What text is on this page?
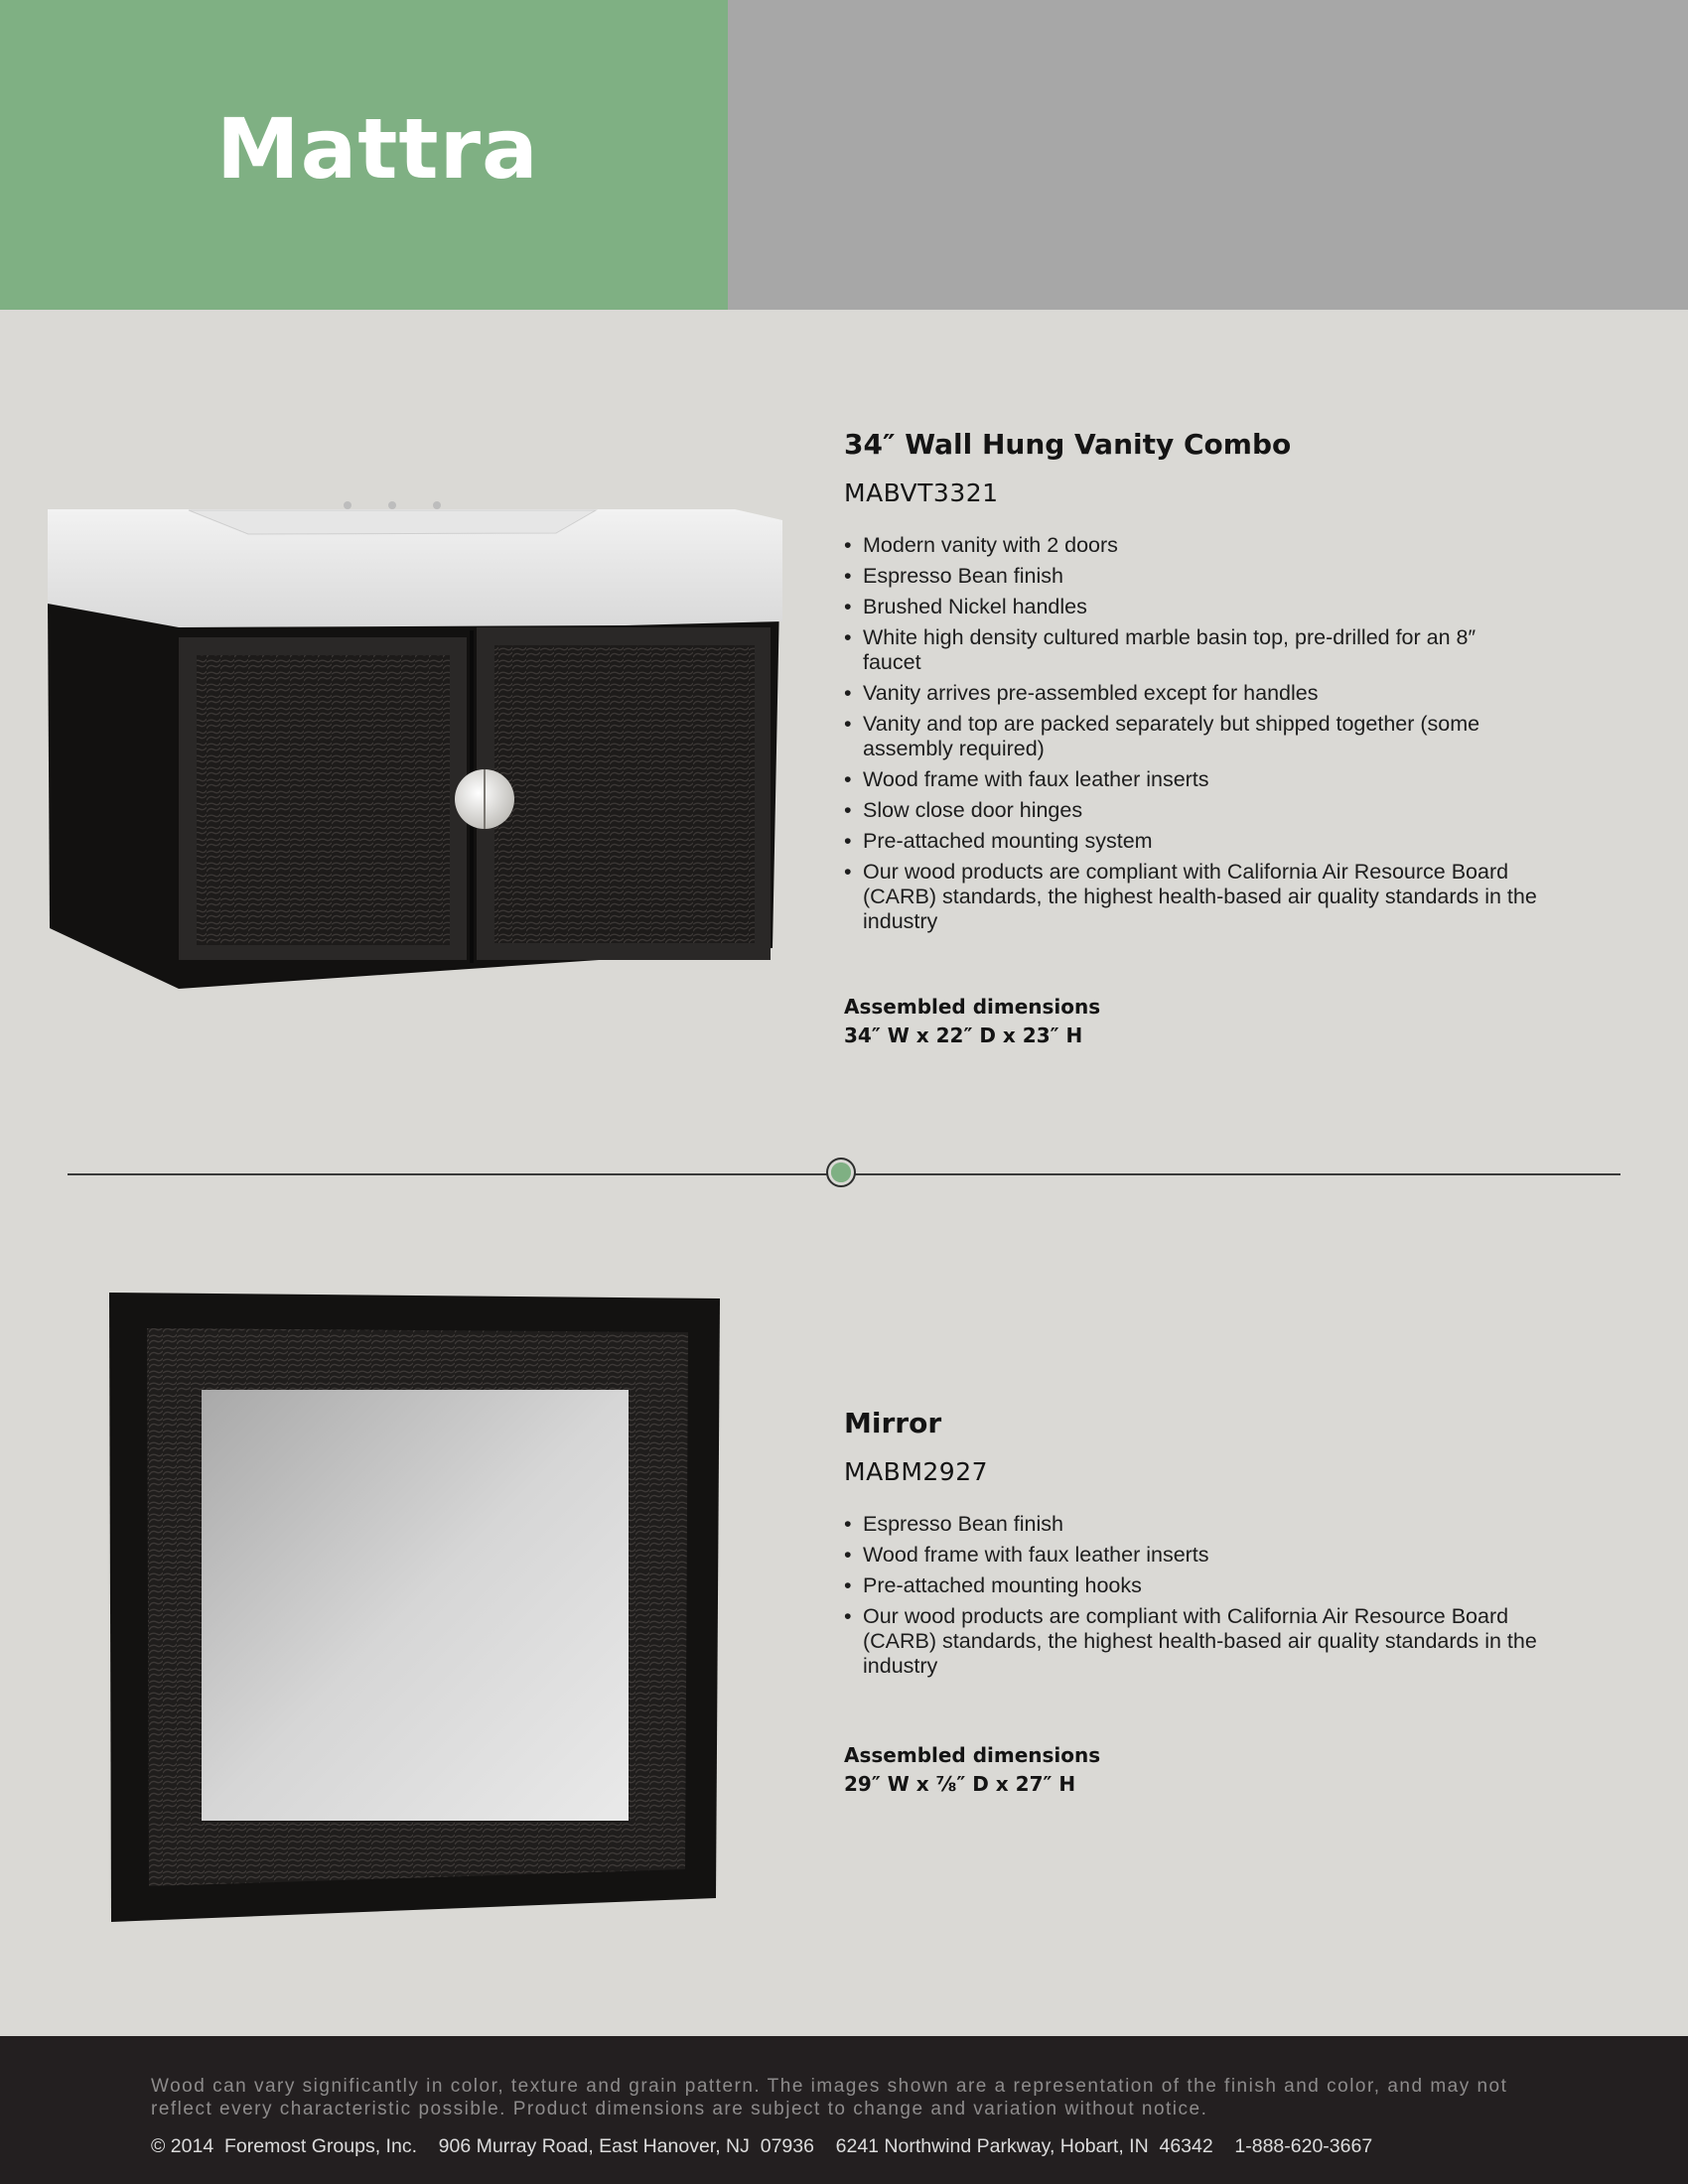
Mattra
34″ Wall Hung Vanity Combo
MABVT3321
• Modern vanity with 2 doors
• Espresso Bean finish
• Brushed Nickel handles
• White high density cultured marble basin top, pre-drilled for an 8″ faucet
• Vanity arrives pre-assembled except for handles
• Vanity and top are packed separately but shipped together (some assembly required)
• Wood frame with faux leather inserts
• Slow close door hinges
• Pre-attached mounting system
• Our wood products are compliant with California Air Resource Board (CARB) standards, the highest health-based air quality standards in the industry
Assembled dimensions
34″ W x 22″ D x 23″ H
Mirror
MABM2927
• Espresso Bean finish
• Wood frame with faux leather inserts
• Pre-attached mounting hooks
• Our wood products are compliant with California Air Resource Board (CARB) standards, the highest health-based air quality standards in the industry
Assembled dimensions
29″ W x ⅞″ D x 27″ H
Wood can vary significantly in color, texture and grain pattern. The images shown are a representation of the finish and color, and may not reflect every characteristic possible. Product dimensions are subject to change and variation without notice.
© 2014  Foremost Groups, Inc. 906 Murray Road, East Hanover, NJ  07936 6241 Northwind Parkway, Hobart, IN  46342 1-888-620-3667
